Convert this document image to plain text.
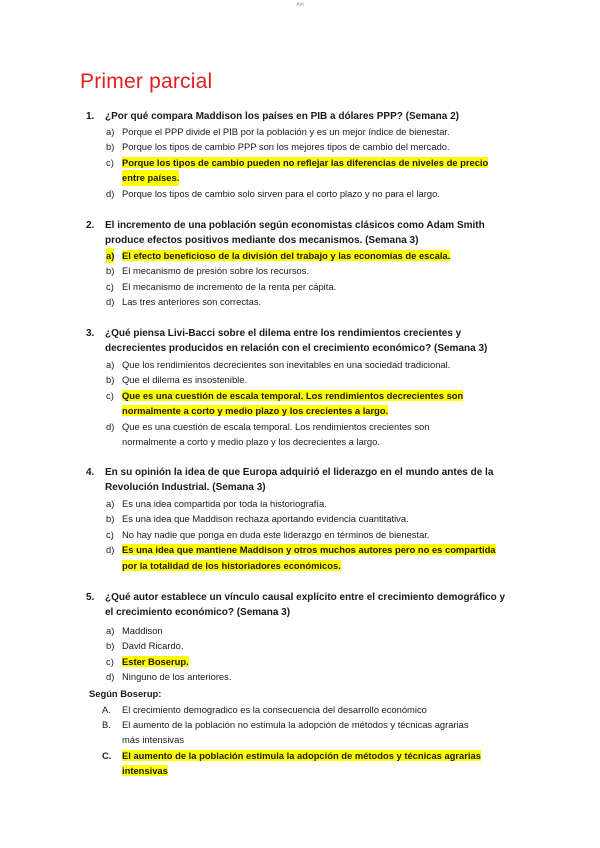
Ant
Primer parcial
1.	¿Por qué compara Maddison los países en PIB a dólares PPP? (Semana 2)
a) Porque el PPP divide el PIB por la población y es un mejor índice de bienestar.
b) Porque los tipos de cambio PPP son los mejores tipos de cambio del mercado.
c) Porque los tipos de cambio pueden no reflejar las diferencias de niveles de precio
entre países.
d) Porque los tipos de cambio solo sirven para el corto plazo y no para el largo.
2.	El incremento de una población según economistas clásicos como Adam Smith produce efectos positivos mediante dos mecanismos. (Semana 3)
a) El efecto beneficioso de la división del trabajo y las economías de escala.
b) El mecanismo de presión sobre los recursos.
c) El mecanismo de incremento de la renta per cápita.
d) Las tres anteriores son correctas.
3.	¿Qué piensa Livi-Bacci sobre el dilema entre los rendimientos crecientes y decrecientes producidos en relación con el crecimiento económico? (Semana 3)
a) Que los rendimientos decrecientes son inevitables en una sociedad tradicional.
b) Que el dilema es insostenible.
c) Que es una cuestión de escala temporal. Los rendimientos decrecientes son
normalmente a corto y medio plazo y los crecientes a largo.
d) Que es una cuestión de escala temporal. Los rendimientos crecientes son
normalmente a corto y medio plazo y los decrecientes a largo.
4.	En su opinión la idea de que Europa adquirió el liderazgo en el mundo antes de la Revolución Industrial. (Semana 3)
a) Es una idea compartida por toda la historiografía.
b) Es una idea que Maddison rechaza aportando evidencia cuantitativa.
c) No hay nadie que ponga en duda este liderazgo en términos de bienestar.
d) Es una idea que mantiene Maddison y otros muchos autores pero no es compartida
por la totalidad de los historiadores económicos.
5.	¿Qué autor establece un vínculo causal explícito entre el crecimiento demográfico y el crecimiento económico? (Semana 3)
a) Maddison
b) David Ricardo.
c) Ester Boserup.
d) Ninguno de los anteriores.
Según Boserup:
A. El crecimiento demogradico es la consecuencia del desarrollo económico
B. El aumento de la población no estimula la adopción de métodos y técnicas agrarias
más intensivas
C. El aumento de la población estimula la adopción de métodos y técnicas agrarias
intensivas
